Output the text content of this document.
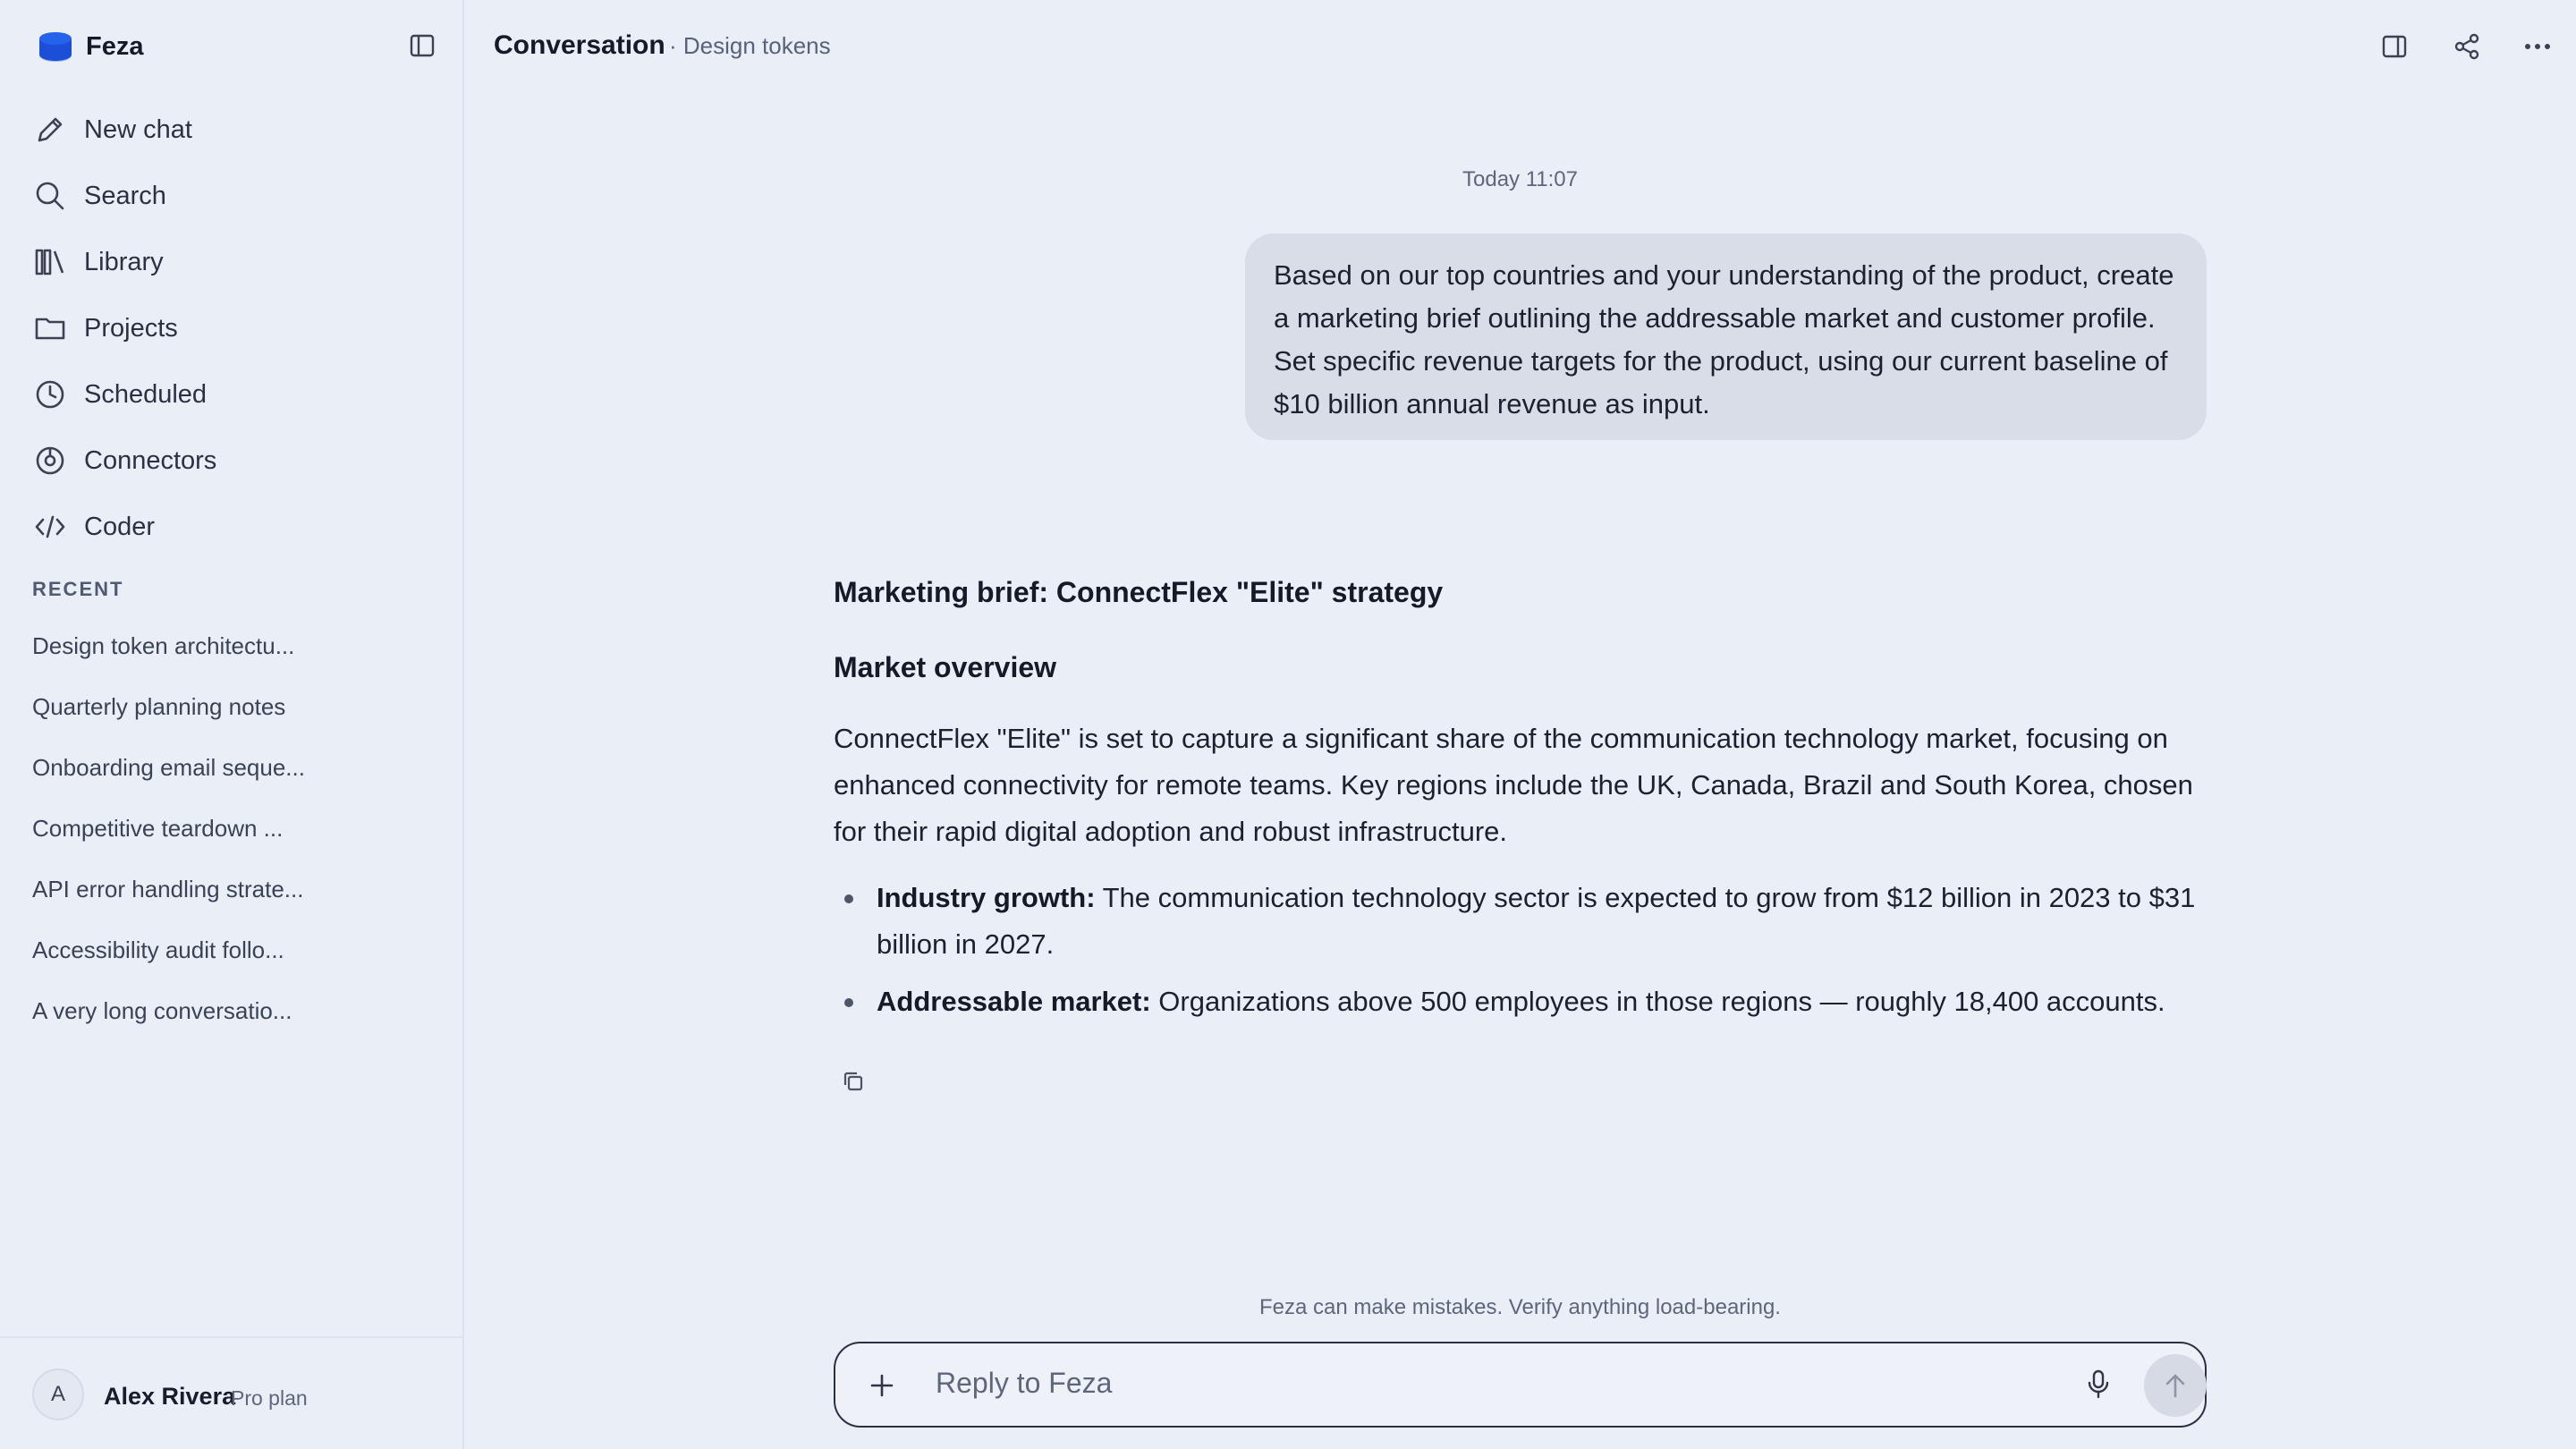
Feza
New chat
Search
Library
Projects
Scheduled
Connectors
Coder
RECENT
Design token architectu...
Quarterly planning notes
Onboarding email seque...
Competitive teardown ...
API error handling strate...
Accessibility audit follo...
A very long conversatio...
A	Alex Rivera
Pro plan
Conversation · Design tokens
Today 11:07
Based on our top countries and your understanding of the product, create a marketing brief outlining the addressable market and customer profile. Set specific revenue targets for the product, using our current baseline of $10 billion annual revenue as input.
Marketing brief: ConnectFlex "Elite" strategy
Market overview

ConnectFlex "Elite" is set to capture a significant share of the communication technology market, focusing on enhanced connectivity for remote teams. Key regions include the UK, Canada, Brazil and South Korea, chosen for their rapid digital adoption and robust infrastructure.

Industry growth: The communication technology sector is expected to grow from $12 billion in 2023 to $31 billion in 2027.
Addressable market: Organizations above 500 employees in those regions — roughly 18,400 accounts.
Feza can make mistakes. Verify anything load-bearing.
Reply to Feza
